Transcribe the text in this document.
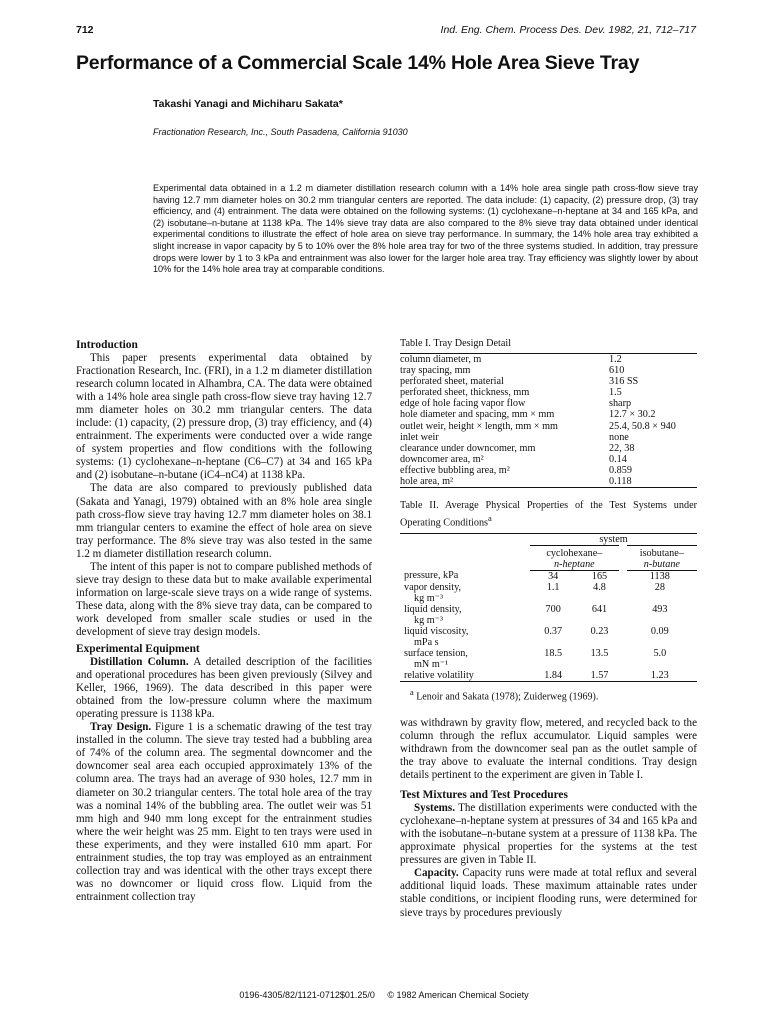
712	Ind. Eng. Chem. Process Des. Dev. 1982, 21, 712–717
Performance of a Commercial Scale 14% Hole Area Sieve Tray
Takashi Yanagi and Michiharu Sakata*
Fractionation Research, Inc., South Pasadena, California 91030

Experimental data obtained in a 1.2 m diameter distillation research column with a 14% hole area single path cross-flow sieve tray having 12.7 mm diameter holes on 30.2 mm triangular centers are reported. The data include: (1) capacity, (2) pressure drop, (3) tray efficiency, and (4) entrainment. The data were obtained on the following systems: (1) cyclohexane–n-heptane at 34 and 165 kPa, and (2) isobutane–n-butane at 1138 kPa. The 14% sieve tray data are also compared to the 8% sieve tray data obtained under identical experimental conditions to illustrate the effect of hole area on sieve tray performance. In summary, the 14% hole area tray exhibited a slight increase in vapor capacity by 5 to 10% over the 8% hole area tray for two of the three systems studied. In addition, tray pressure drops were lower by 1 to 3 kPa and entrainment was also lower for the larger hole area tray. Tray efficiency was slightly lower by about 10% for the 14% hole area tray at comparable conditions.

Introduction

This paper presents experimental data obtained by Fractionation Research, Inc. (FRI), in a 1.2 m diameter distillation research column located in Alhambra, CA. The data were obtained with a 14% hole area single path cross-flow sieve tray having 12.7 mm diameter holes on 30.2 mm triangular centers. The data include: (1) capacity, (2) pressure drop, (3) tray efficiency, and (4) entrainment. The experiments were conducted over a wide range of system properties and flow conditions with the following systems: (1) cyclohexane–n-heptane (C6–C7) at 34 and 165 kPa and (2) isobutane–n-butane (iC4–nC4) at 1138 kPa.

The data are also compared to previously published data (Sakata and Yanagi, 1979) obtained with an 8% hole area single path cross-flow sieve tray having 12.7 mm diameter holes on 38.1 mm triangular centers to examine the effect of hole area on sieve tray performance. The 8% sieve tray was also tested in the same 1.2 m diameter distillation research column.

The intent of this paper is not to compare published methods of sieve tray design to these data but to make available experimental information on large-scale sieve trays on a wide range of systems. These data, along with the 8% sieve tray data, can be compared to work developed from smaller scale studies or used in the development of sieve tray design models.

Experimental Equipment

Distillation Column. A detailed description of the facilities and operational procedures has been given previously (Silvey and Keller, 1966, 1969). The data described in this paper were obtained from the low-pressure column where the maximum operating pressure is 1138 kPa.

Tray Design. Figure 1 is a schematic drawing of the test tray installed in the column. The sieve tray tested had a bubbling area of 74% of the column area. The segmental downcomer and the downcomer seal area each occupied approximately 13% of the column area. The trays had an average of 930 holes, 12.7 mm in diameter on 30.2 triangular centers. The total hole area of the tray was a nominal 14% of the bubbling area. The outlet weir was 51 mm high and 940 mm long except for the entrainment studies where the weir height was 25 mm. Eight to ten trays were used in these experiments, and they were installed 610 mm apart. For entrainment studies, the top tray was employed as an entrainment collection tray and was identical with the other trays except there was no downcomer or liquid cross flow. Liquid from the entrainment collection tray

Table I. Tray Design Detail
column diameter, m	1.2
tray spacing, mm	610
perforated sheet, material	316 SS
perforated sheet, thickness, mm	1.5
edge of hole facing vapor flow	sharp
hole diameter and spacing, mm × mm	12.7 × 30.2
outlet weir, height × length, mm × mm	25.4, 50.8 × 940
inlet weir	none
clearance under downcomer, mm	22, 38
downcomer area, m²	0.14
effective bubbling area, m²	0.859
hole area, m²	0.118
Table II. Average Physical Properties of the Test Systems under Operating Conditions$^a$
	system		
	cyclohexane–
n-heptane		isobutane–
n-butane

pressure, kPa	34	165	1138

vapor density,
kg m⁻³	1.1	4.8	28

liquid density,
kg m⁻³	700	641	493

liquid viscosity,
mPa s	0.37	0.23	0.09

surface tension,
mN m⁻¹	18.5	13.5	5.0

relative volatility	1.84	1.57	1.23
$^a$ Lenoir and Sakata (1978); Zuiderweg (1969).

was withdrawn by gravity flow, metered, and recycled back to the column through the reflux accumulator. Liquid samples were withdrawn from the downcomer seal pan as the outlet sample of the tray above to evaluate the internal conditions. Tray design details pertinent to the experiment are given in Table I.

Test Mixtures and Test Procedures

Systems. The distillation experiments were conducted with the cyclohexane–n-heptane system at pressures of 34 and 165 kPa and with the isobutane–n-butane system at a pressure of 1138 kPa. The approximate physical properties for the systems at the test pressures are given in Table II.

Capacity. Capacity runs were made at total reflux and several additional liquid loads. These maximum attainable rates under stable conditions, or incipient flooding runs, were determined for sieve trays by procedures previously

0196-4305/82/1121-0712$01.25/0 © 1982 American Chemical Society
